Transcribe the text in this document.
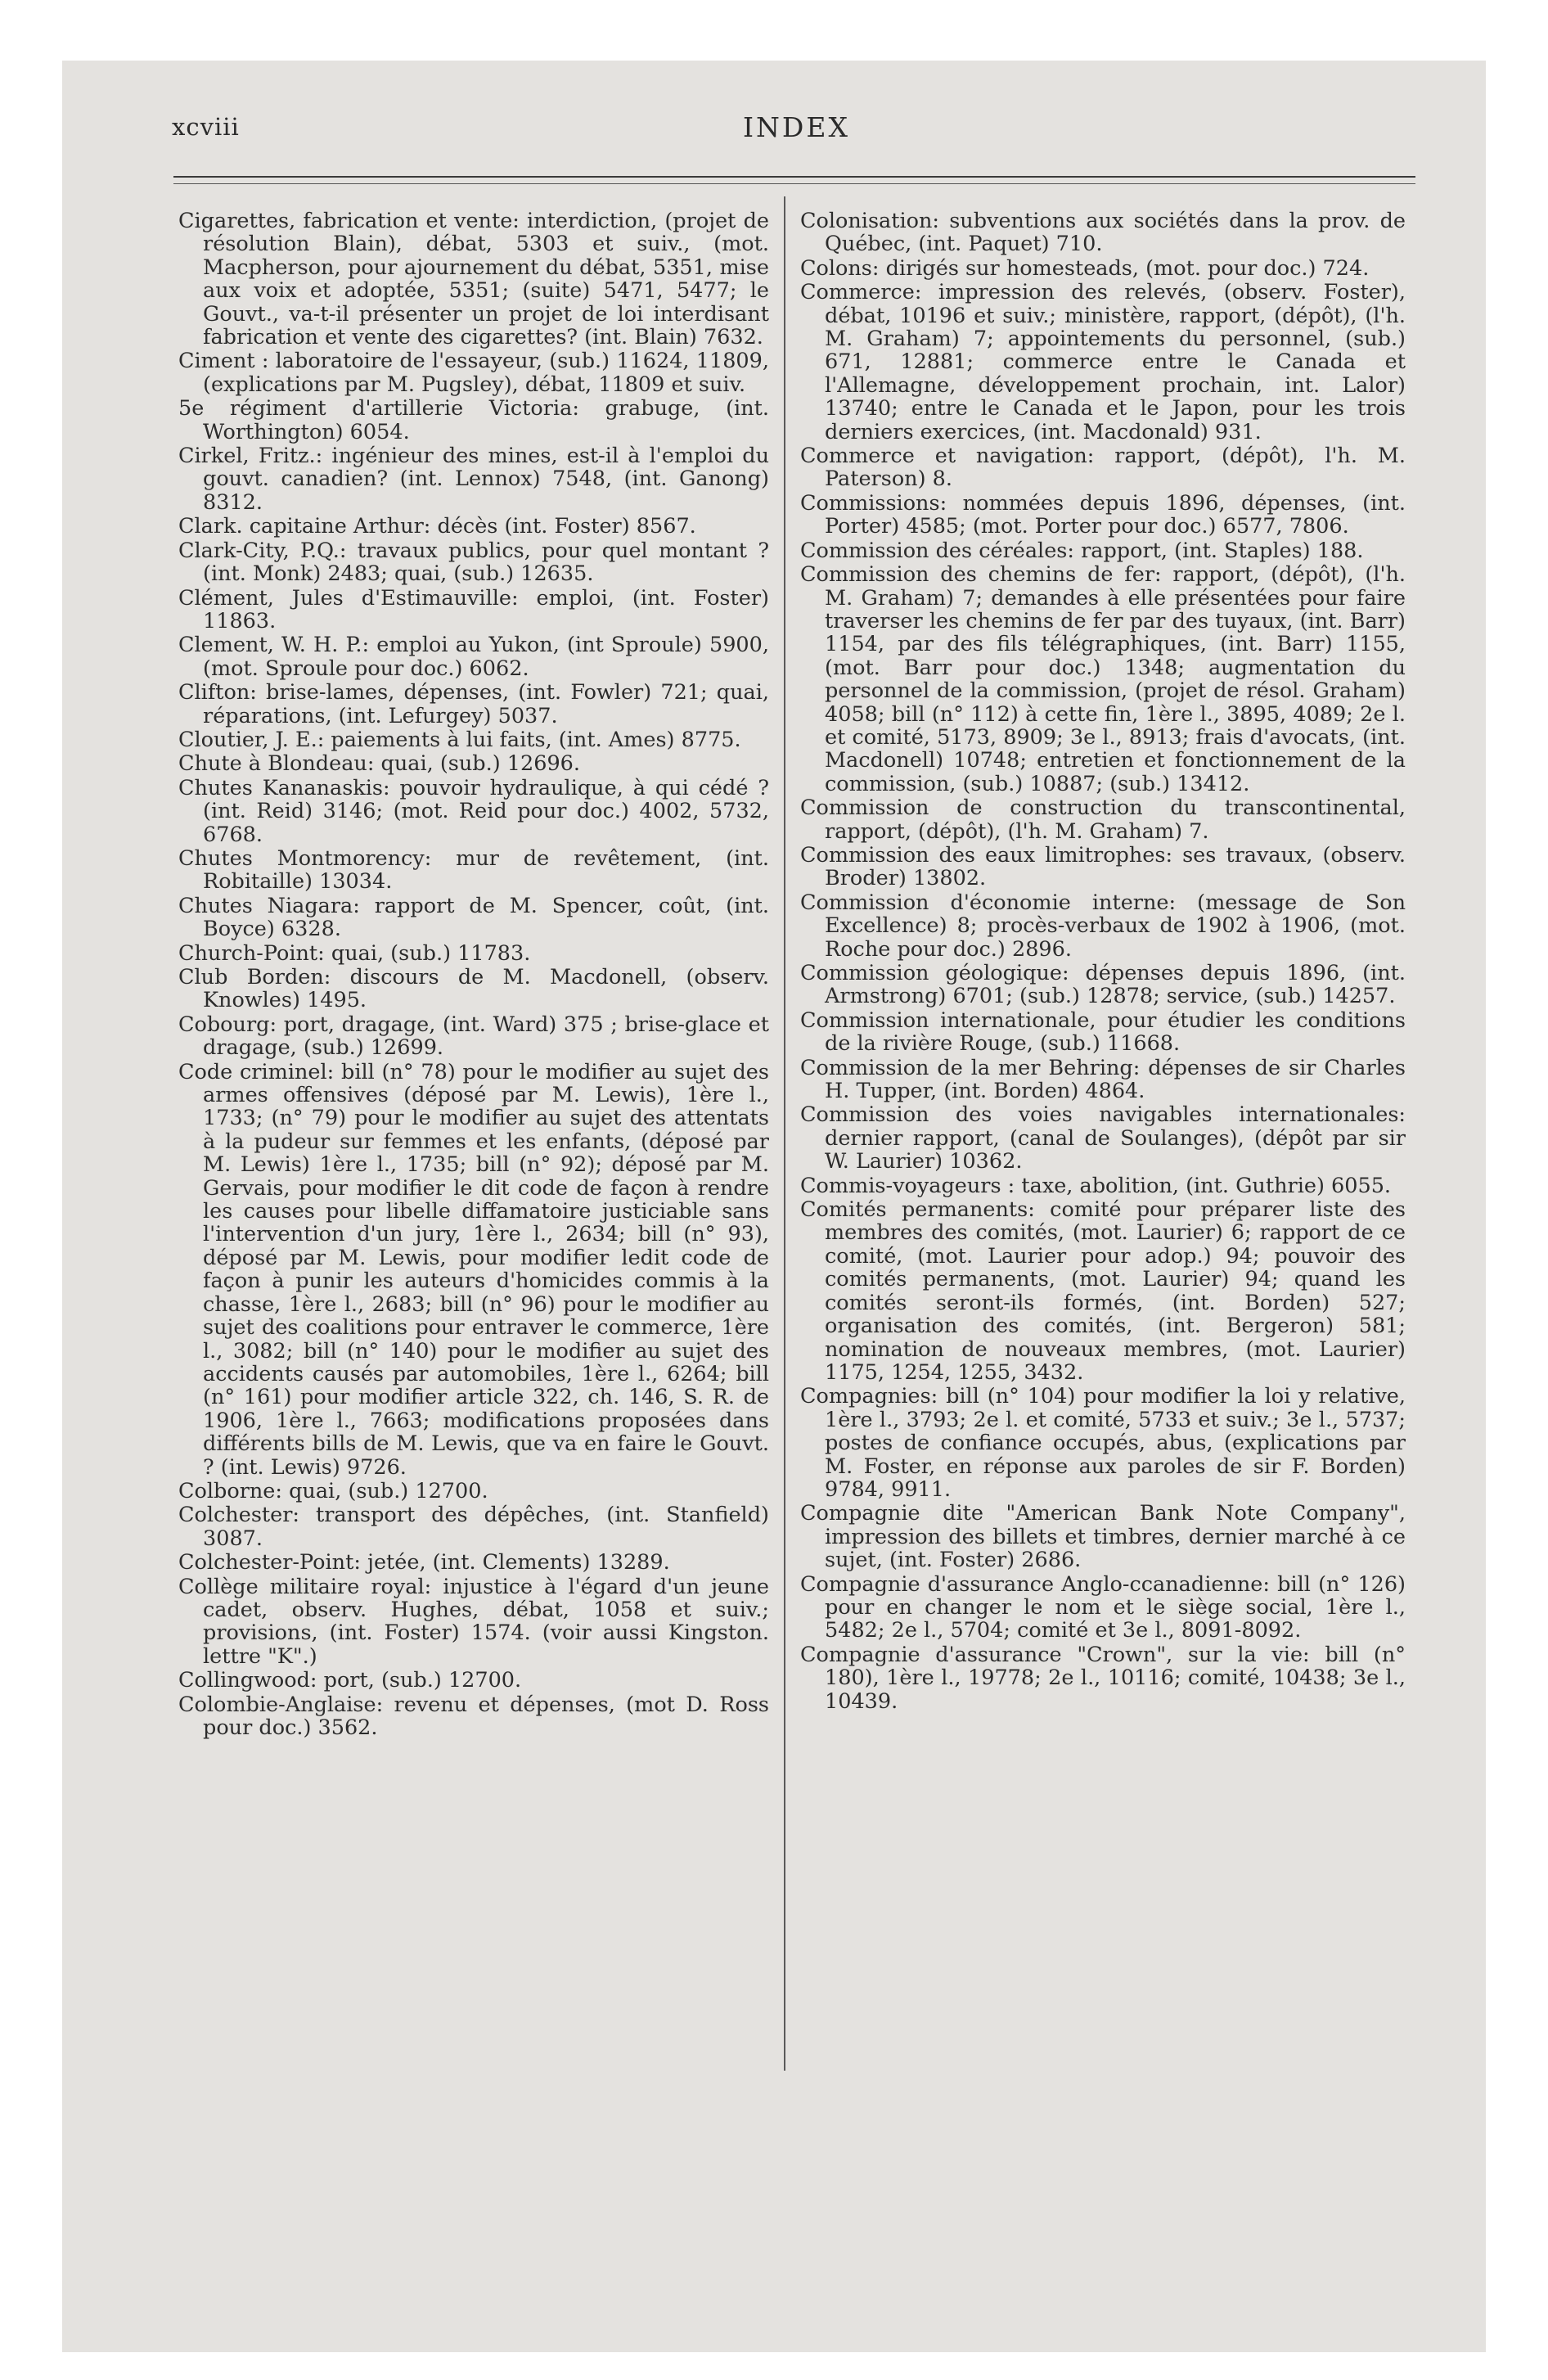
xcviii	INDEX

Cigarettes, fabrication et vente: interdiction, (projet de résolution Blain), débat, 5303 et suiv., (mot. Macpherson, pour ajournement du débat, 5351, mise aux voix et adoptée, 5351; (suite) 5471, 5477; le Gouvt., va-t-il présenter un projet de loi interdisant fabrication et vente des cigarettes? (int. Blain) 7632.

Ciment : laboratoire de l'essayeur, (sub.) 11624, 11809, (explications par M. Pugsley), débat, 11809 et suiv.

5e régiment d'artillerie Victoria: grabuge, (int. Worthington) 6054.

Cirkel, Fritz.: ingénieur des mines, est-il à l'emploi du gouvt. canadien? (int. Lennox) 7548, (int. Ganong) 8312.

Clark. capitaine Arthur: décès (int. Foster) 8567.

Clark-City, P.Q.: travaux publics, pour quel montant ? (int. Monk) 2483; quai, (sub.) 12635.

Clément, Jules d'Estimauville: emploi, (int. Foster) 11863.

Clement, W. H. P.: emploi au Yukon, (int Sproule) 5900, (mot. Sproule pour doc.) 6062.

Clifton: brise-lames, dépenses, (int. Fowler) 721; quai, réparations, (int. Lefurgey) 5037.

Cloutier, J. E.: paiements à lui faits, (int. Ames) 8775.

Chute à Blondeau: quai, (sub.) 12696.

Chutes Kananaskis: pouvoir hydraulique, à qui cédé ? (int. Reid) 3146; (mot. Reid pour doc.) 4002, 5732, 6768.

Chutes Montmorency: mur de revêtement, (int. Robitaille) 13034.

Chutes Niagara: rapport de M. Spencer, coût, (int. Boyce) 6328.

Church-Point: quai, (sub.) 11783.

Club Borden: discours de M. Macdonell, (observ. Knowles) 1495.

Cobourg: port, dragage, (int. Ward) 375 ; brise-glace et dragage, (sub.) 12699.

Code criminel: bill (n° 78) pour le modifier au sujet des armes offensives (déposé par M. Lewis), 1ère l., 1733; (n° 79) pour le modifier au sujet des attentats à la pudeur sur femmes et les enfants, (déposé par M. Lewis) 1ère l., 1735; bill (n° 92); déposé par M. Gervais, pour modifier le dit code de façon à rendre les causes pour libelle diffamatoire justiciable sans l'intervention d'un jury, 1ère l., 2634; bill (n° 93), déposé par M. Lewis, pour modifier ledit code de façon à punir les auteurs d'homicides commis à la chasse, 1ère l., 2683; bill (n° 96) pour le modifier au sujet des coalitions pour entraver le commerce, 1ère l., 3082; bill (n° 140) pour le modifier au sujet des accidents causés par automobiles, 1ère l., 6264; bill (n° 161) pour modifier article 322, ch. 146, S. R. de 1906, 1ère l., 7663; modifications proposées dans différents bills de M. Lewis, que va en faire le Gouvt. ? (int. Lewis) 9726.

Colborne: quai, (sub.) 12700.

Colchester: transport des dépêches, (int. Stanfield) 3087.

Colchester-Point: jetée, (int. Clements) 13289.

Collège militaire royal: injustice à l'égard d'un jeune cadet, observ. Hughes, débat, 1058 et suiv.; provisions, (int. Foster) 1574. (voir aussi Kingston. lettre "K".)

Collingwood: port, (sub.) 12700.

Colombie-Anglaise: revenu et dépenses, (mot D. Ross pour doc.) 3562.

Colonisation: subventions aux sociétés dans la prov. de Québec, (int. Paquet) 710.

Colons: dirigés sur homesteads, (mot. pour doc.) 724.

Commerce: impression des relevés, (observ. Foster), débat, 10196 et suiv.; ministère, rapport, (dépôt), (l'h. M. Graham) 7; appointements du personnel, (sub.) 671, 12881; commerce entre le Canada et l'Allemagne, développement prochain, int. Lalor) 13740; entre le Canada et le Japon, pour les trois derniers exercices, (int. Macdonald) 931.

Commerce et navigation: rapport, (dépôt), l'h. M. Paterson) 8.

Commissions: nommées depuis 1896, dépenses, (int. Porter) 4585; (mot. Porter pour doc.) 6577, 7806.

Commission des céréales: rapport, (int. Staples) 188.

Commission des chemins de fer: rapport, (dépôt), (l'h. M. Graham) 7; demandes à elle présentées pour faire traverser les chemins de fer par des tuyaux, (int. Barr) 1154, par des fils télégraphiques, (int. Barr) 1155, (mot. Barr pour doc.) 1348; augmentation du personnel de la commission, (projet de résol. Graham) 4058; bill (n° 112) à cette fin, 1ère l., 3895, 4089; 2e l. et comité, 5173, 8909; 3e l., 8913; frais d'avocats, (int. Macdonell) 10748; entretien et fonctionnement de la commission, (sub.) 10887; (sub.) 13412.

Commission de construction du transcontinental, rapport, (dépôt), (l'h. M. Graham) 7.

Commission des eaux limitrophes: ses travaux, (observ. Broder) 13802.

Commission d'économie interne: (message de Son Excellence) 8; procès-verbaux de 1902 à 1906, (mot. Roche pour doc.) 2896.

Commission géologique: dépenses depuis 1896, (int. Armstrong) 6701; (sub.) 12878; service, (sub.) 14257.

Commission internationale, pour étudier les conditions de la rivière Rouge, (sub.) 11668.

Commission de la mer Behring: dépenses de sir Charles H. Tupper, (int. Borden) 4864.

Commission des voies navigables internationales: dernier rapport, (canal de Soulanges), (dépôt par sir W. Laurier) 10362.

Commis-voyageurs : taxe, abolition, (int. Guthrie) 6055.

Comités permanents: comité pour préparer liste des membres des comités, (mot. Laurier) 6; rapport de ce comité, (mot. Laurier pour adop.) 94; pouvoir des comités permanents, (mot. Laurier) 94; quand les comités seront-ils formés, (int. Borden) 527; organisation des comités, (int. Bergeron) 581; nomination de nouveaux membres, (mot. Laurier) 1175, 1254, 1255, 3432.

Compagnies: bill (n° 104) pour modifier la loi y relative, 1ère l., 3793; 2e l. et comité, 5733 et suiv.; 3e l., 5737; postes de confiance occupés, abus, (explications par M. Foster, en réponse aux paroles de sir F. Borden) 9784, 9911.

Compagnie dite "American Bank Note Company", impression des billets et timbres, dernier marché à ce sujet, (int. Foster) 2686.

Compagnie d'assurance Anglo-ccanadienne: bill (n° 126) pour en changer le nom et le siège social, 1ère l., 5482; 2e l., 5704; comité et 3e l., 8091-8092.

Compagnie d'assurance "Crown", sur la vie: bill (n° 180), 1ère l., 19778; 2e l., 10116; comité, 10438; 3e l., 10439.
